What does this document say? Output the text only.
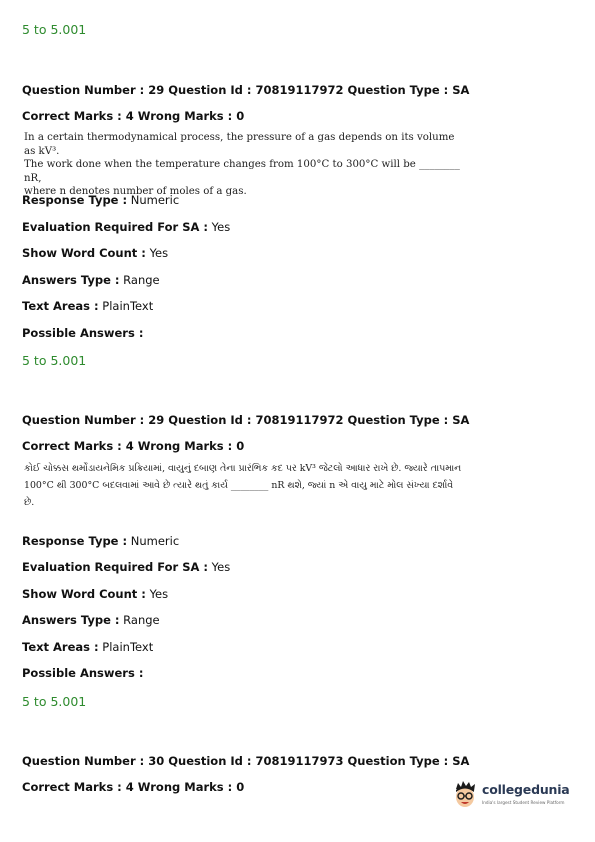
5 to 5.001
Question Number : 29 Question Id : 70819117972 Question Type : SA
Correct Marks : 4 Wrong Marks : 0
In a certain thermodynamical process, the pressure of a gas depends on its volume as kV³.
The work done when the temperature changes from 100°C to 300°C will be ________ nR,
where n denotes number of moles of a gas.
Response Type : Numeric
Evaluation Required For SA : Yes
Show Word Count : Yes
Answers Type : Range
Text Areas : PlainText
Possible Answers :
5 to 5.001
Question Number : 29 Question Id : 70819117972 Question Type : SA
Correct Marks : 4 Wrong Marks : 0
કોઈ ચોક્કસ થર્મોડાયનેમિક પ્રક્રિયામાં, વાયુનું દબાણ તેના પ્રારંભિક કદ પર kV³ જેટલો આધાર રાખે છે. જ્યારે તાપમાન
100°C થી 300°C બદલવામાં આવે છે ત્યારે થતું કાર્ય ________ nR થશે, જ્યાં n એ વાયુ માટે મોલ સંખ્યા દર્શાવે
છે.
Response Type : Numeric
Evaluation Required For SA : Yes
Show Word Count : Yes
Answers Type : Range
Text Areas : PlainText
Possible Answers :
5 to 5.001
Question Number : 30 Question Id : 70819117973 Question Type : SA
Correct Marks : 4 Wrong Marks : 0	collegedunia
India's largest Student Review Platform
